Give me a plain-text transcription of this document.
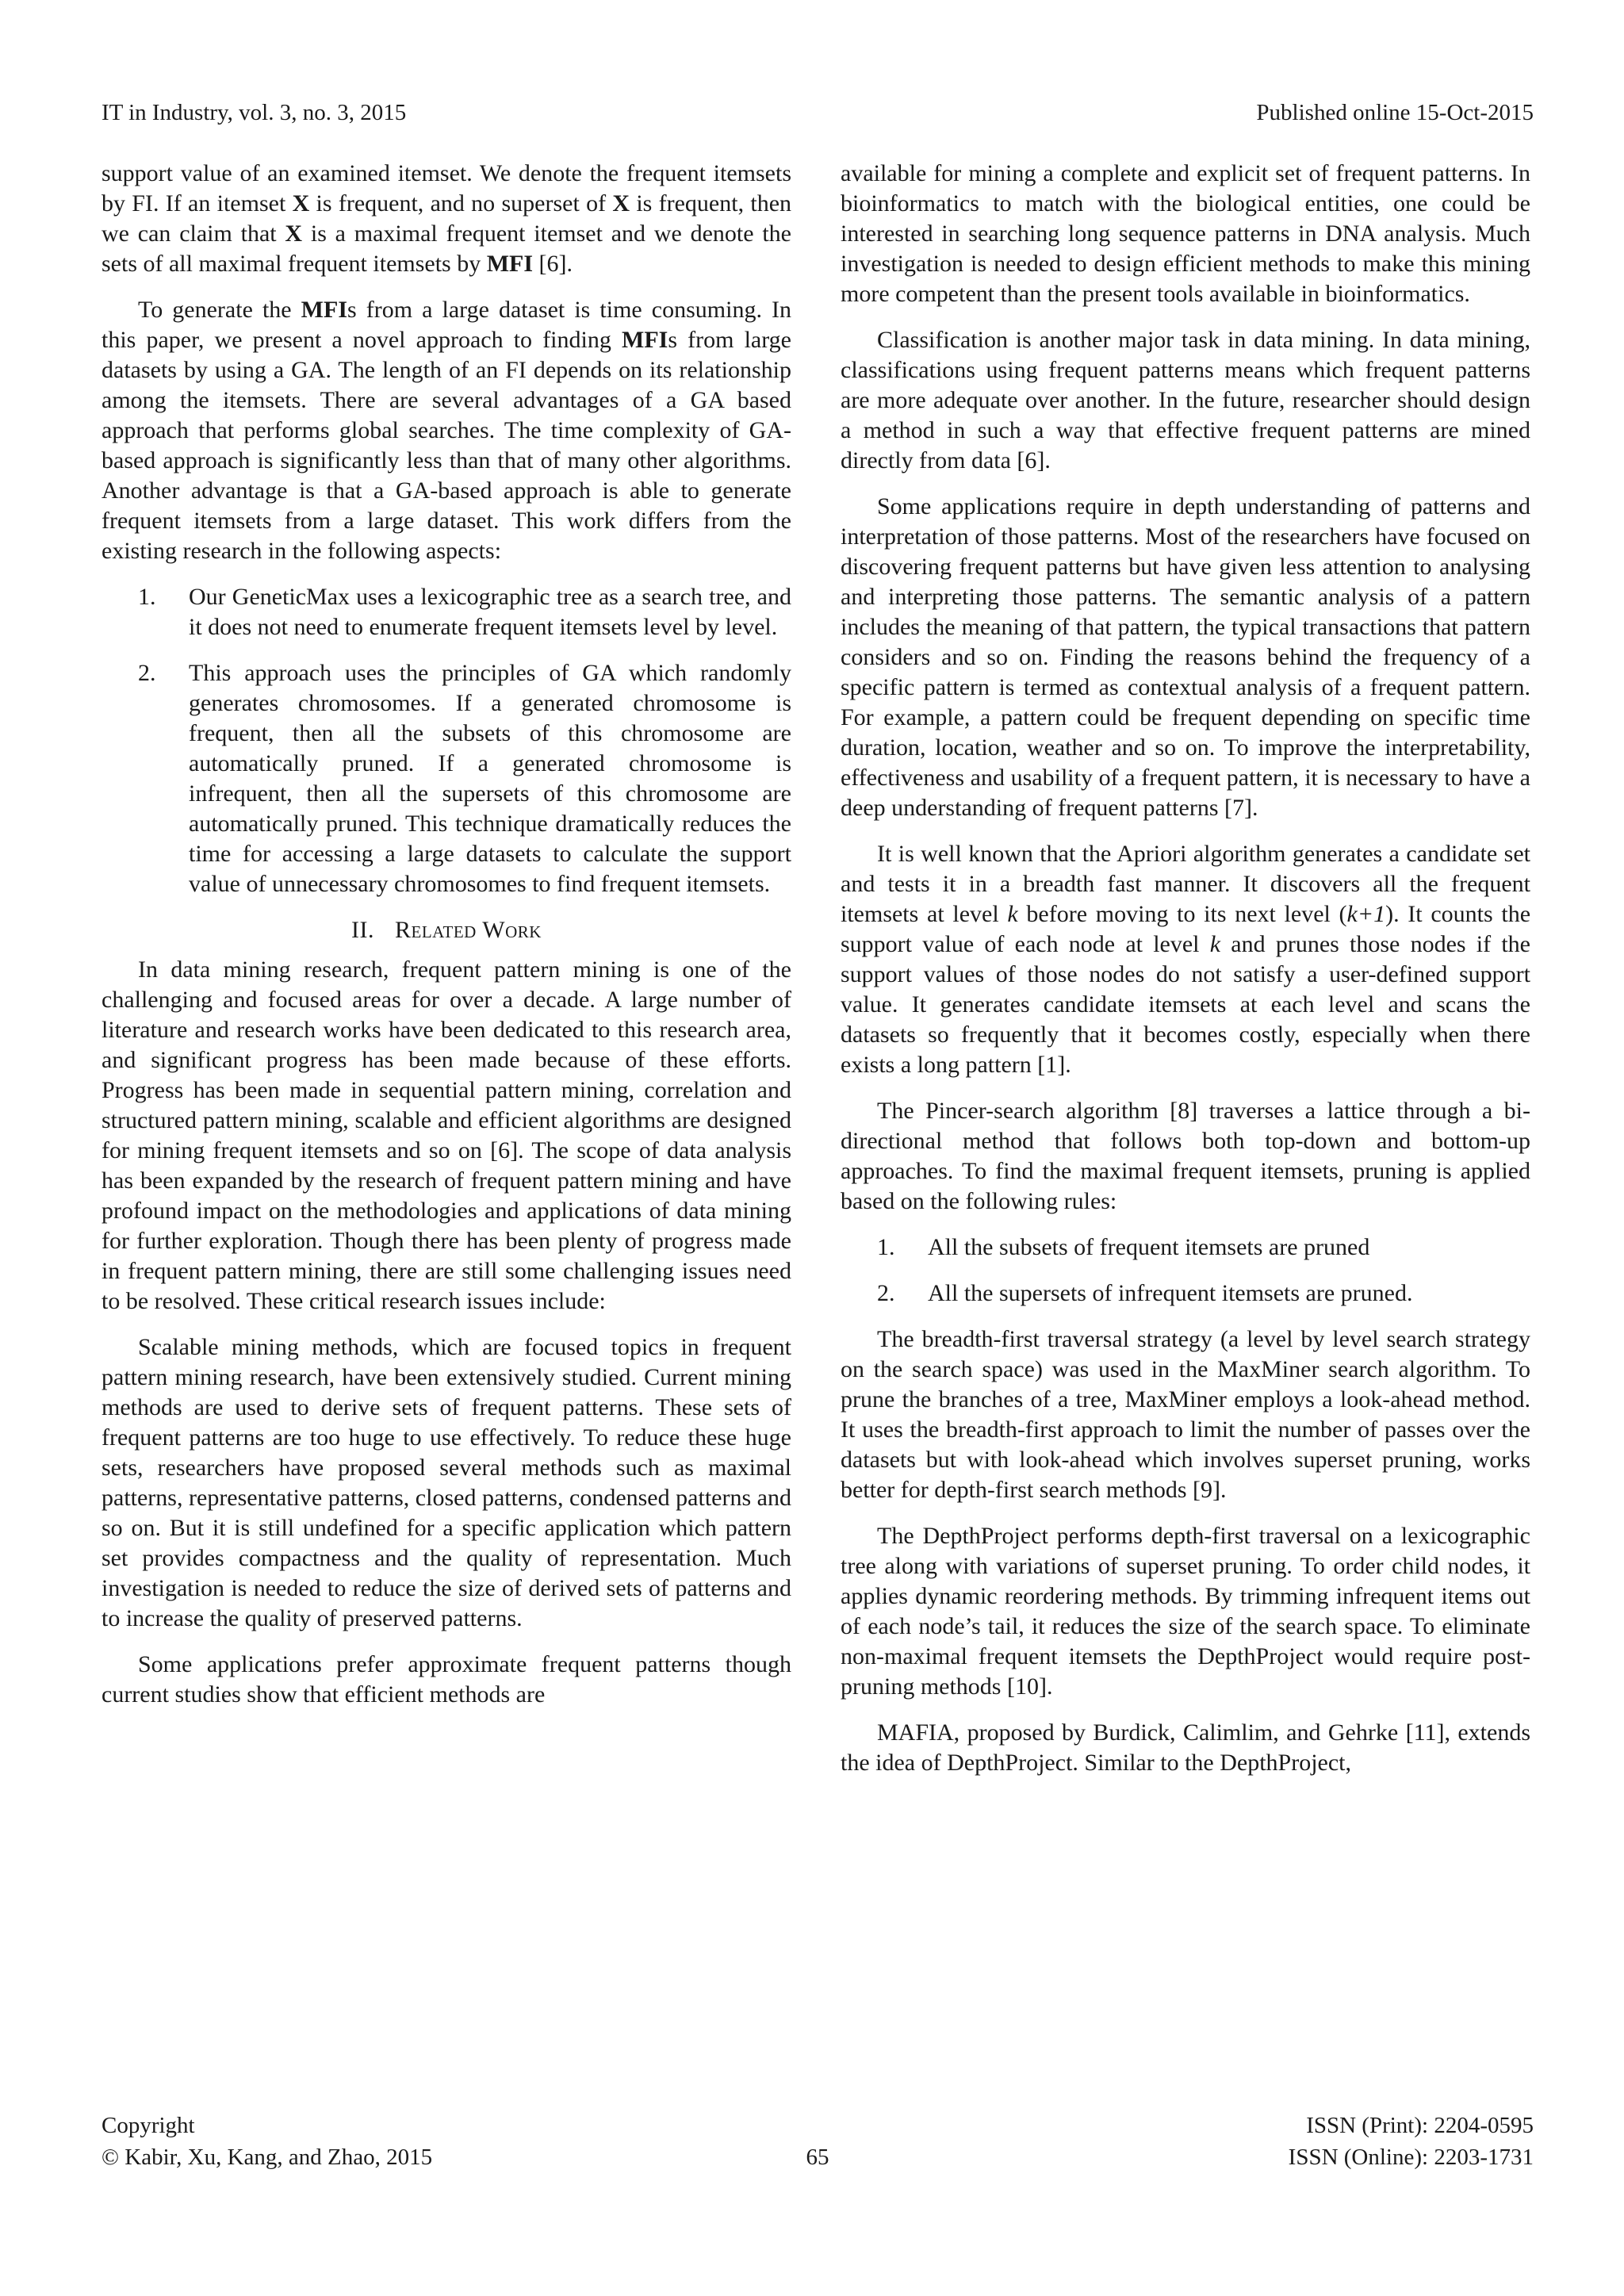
IT in Industry, vol. 3, no. 3, 2015	Published online 15-Oct-2015

support value of an examined itemset. We denote the frequent itemsets by FI. If an itemset X is frequent, and no superset of X is frequent, then we can claim that X is a maximal frequent itemset and we denote the sets of all maximal frequent itemsets by MFI [6].

To generate the MFIs from a large dataset is time consuming. In this paper, we present a novel approach to finding MFIs from large datasets by using a GA. The length of an FI depends on its relationship among the itemsets. There are several advantages of a GA based approach that performs global searches. The time complexity of GA-based approach is significantly less than that of many other algorithms. Another advantage is that a GA-based approach is able to generate frequent itemsets from a large dataset. This work differs from the existing research in the following aspects:

1. Our GeneticMax uses a lexicographic tree as a search tree, and it does not need to enumerate frequent itemsets level by level.
2. This approach uses the principles of GA which randomly generates chromosomes. If a generated chromosome is frequent, then all the subsets of this chromosome are automatically pruned. If a generated chromosome is infrequent, then all the supersets of this chromosome are automatically pruned. This technique dramatically reduces the time for accessing a large datasets to calculate the support value of unnecessary chromosomes to find frequent itemsets.
II. Related Work

In data mining research, frequent pattern mining is one of the challenging and focused areas for over a decade. A large number of literature and research works have been dedicated to this research area, and significant progress has been made because of these efforts. Progress has been made in sequential pattern mining, correlation and structured pattern mining, scalable and efficient algorithms are designed for mining frequent itemsets and so on [6]. The scope of data analysis has been expanded by the research of frequent pattern mining and have profound impact on the methodologies and applications of data mining for further exploration. Though there has been plenty of progress made in frequent pattern mining, there are still some challenging issues need to be resolved. These critical research issues include:

Scalable mining methods, which are focused topics in frequent pattern mining research, have been extensively studied. Current mining methods are used to derive sets of frequent patterns. These sets of frequent patterns are too huge to use effectively. To reduce these huge sets, researchers have proposed several methods such as maximal patterns, representative patterns, closed patterns, condensed patterns and so on. But it is still undefined for a specific application which pattern set provides compactness and the quality of representation. Much investigation is needed to reduce the size of derived sets of patterns and to increase the quality of preserved patterns.

Some applications prefer approximate frequent patterns though current studies show that efficient methods are

available for mining a complete and explicit set of frequent patterns. In bioinformatics to match with the biological entities, one could be interested in searching long sequence patterns in DNA analysis. Much investigation is needed to design efficient methods to make this mining more competent than the present tools available in bioinformatics.

Classification is another major task in data mining. In data mining, classifications using frequent patterns means which frequent patterns are more adequate over another. In the future, researcher should design a method in such a way that effective frequent patterns are mined directly from data [6].

Some applications require in depth understanding of patterns and interpretation of those patterns. Most of the researchers have focused on discovering frequent patterns but have given less attention to analysing and interpreting those patterns. The semantic analysis of a pattern includes the meaning of that pattern, the typical transactions that pattern considers and so on. Finding the reasons behind the frequency of a specific pattern is termed as contextual analysis of a frequent pattern. For example, a pattern could be frequent depending on specific time duration, location, weather and so on. To improve the interpretability, effectiveness and usability of a frequent pattern, it is necessary to have a deep understanding of frequent patterns [7].

It is well known that the Apriori algorithm generates a candidate set and tests it in a breadth fast manner. It discovers all the frequent itemsets at level k before moving to its next level (k+1). It counts the support value of each node at level k and prunes those nodes if the support values of those nodes do not satisfy a user-defined support value. It generates candidate itemsets at each level and scans the datasets so frequently that it becomes costly, especially when there exists a long pattern [1].

The Pincer-search algorithm [8] traverses a lattice through a bi-directional method that follows both top-down and bottom-up approaches. To find the maximal frequent itemsets, pruning is applied based on the following rules:

1. All the subsets of frequent itemsets are pruned
2. All the supersets of infrequent itemsets are pruned.

The breadth-first traversal strategy (a level by level search strategy on the search space) was used in the MaxMiner search algorithm. To prune the branches of a tree, MaxMiner employs a look-ahead method. It uses the breadth-first approach to limit the number of passes over the datasets but with look-ahead which involves superset pruning, works better for depth-first search methods [9].

The DepthProject performs depth-first traversal on a lexicographic tree along with variations of superset pruning. To order child nodes, it applies dynamic reordering methods. By trimming infrequent items out of each node’s tail, it reduces the size of the search space. To eliminate non-maximal frequent itemsets the DepthProject would require post-pruning methods [10].

MAFIA, proposed by Burdick, Calimlim, and Gehrke [11], extends the idea of DepthProject. Similar to the DepthProject,

Copyright
© Kabir, Xu, Kang, and Zhao, 2015	65
ISSN (Print): 2204-0595
ISSN (Online): 2203-1731
